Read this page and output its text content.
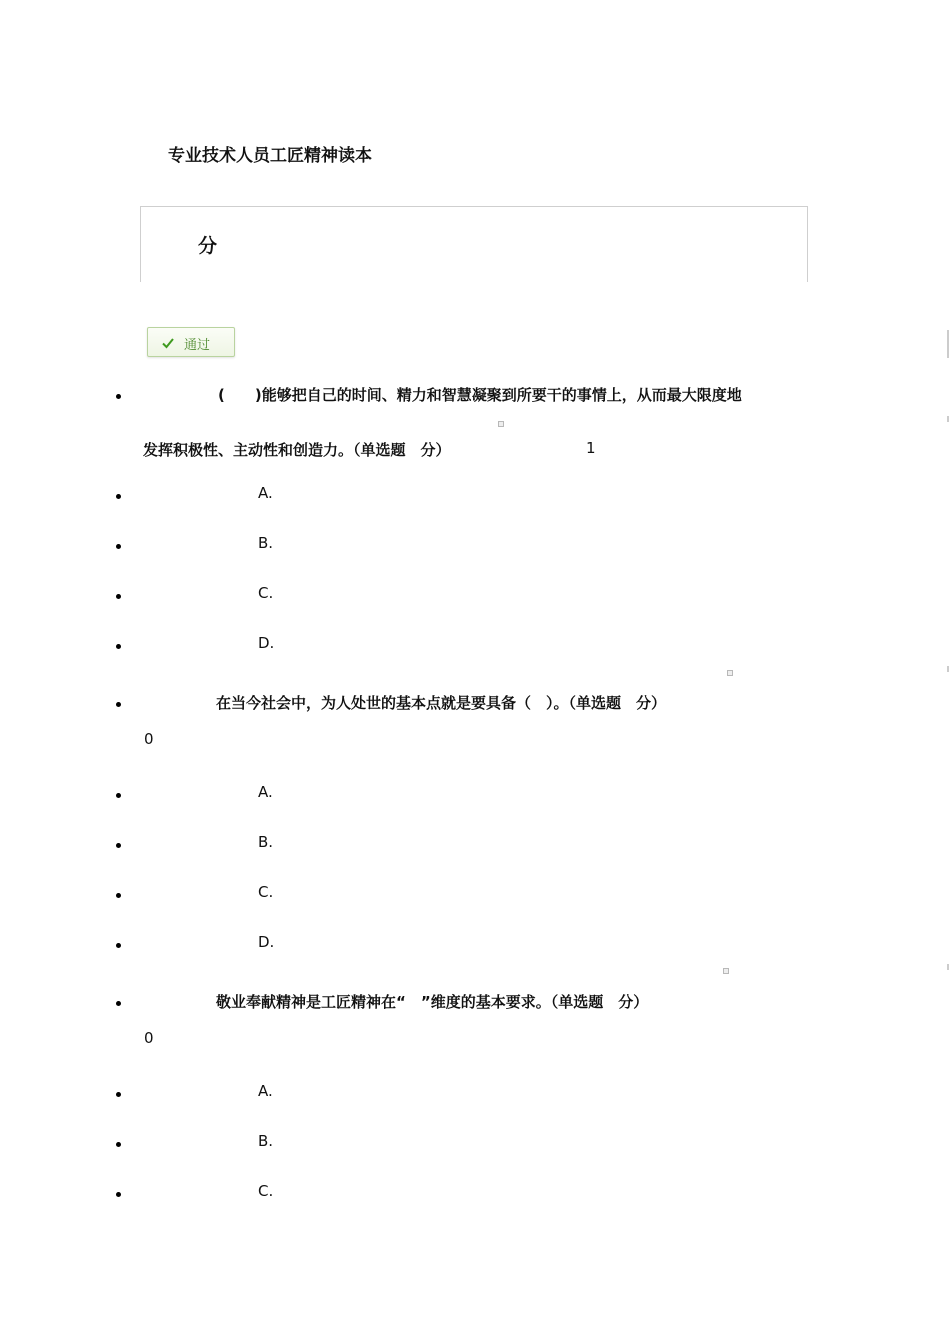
专业技术人员工匠精神读本
分
通过
(　　)能够把自己的时间、精力和智慧凝聚到所要干的事情上，从而最大限度地
发挥积极性、主动性和创造力。（单选题　分）	1
A.
B.
C.
D.
在当今社会中，为人处世的基本点就是要具备（　）。（单选题　分）
0
A.
B.
C.
D.
敬业奉献精神是工匠精神在“　”维度的基本要求。（单选题　分）
0
A.
B.
C.
